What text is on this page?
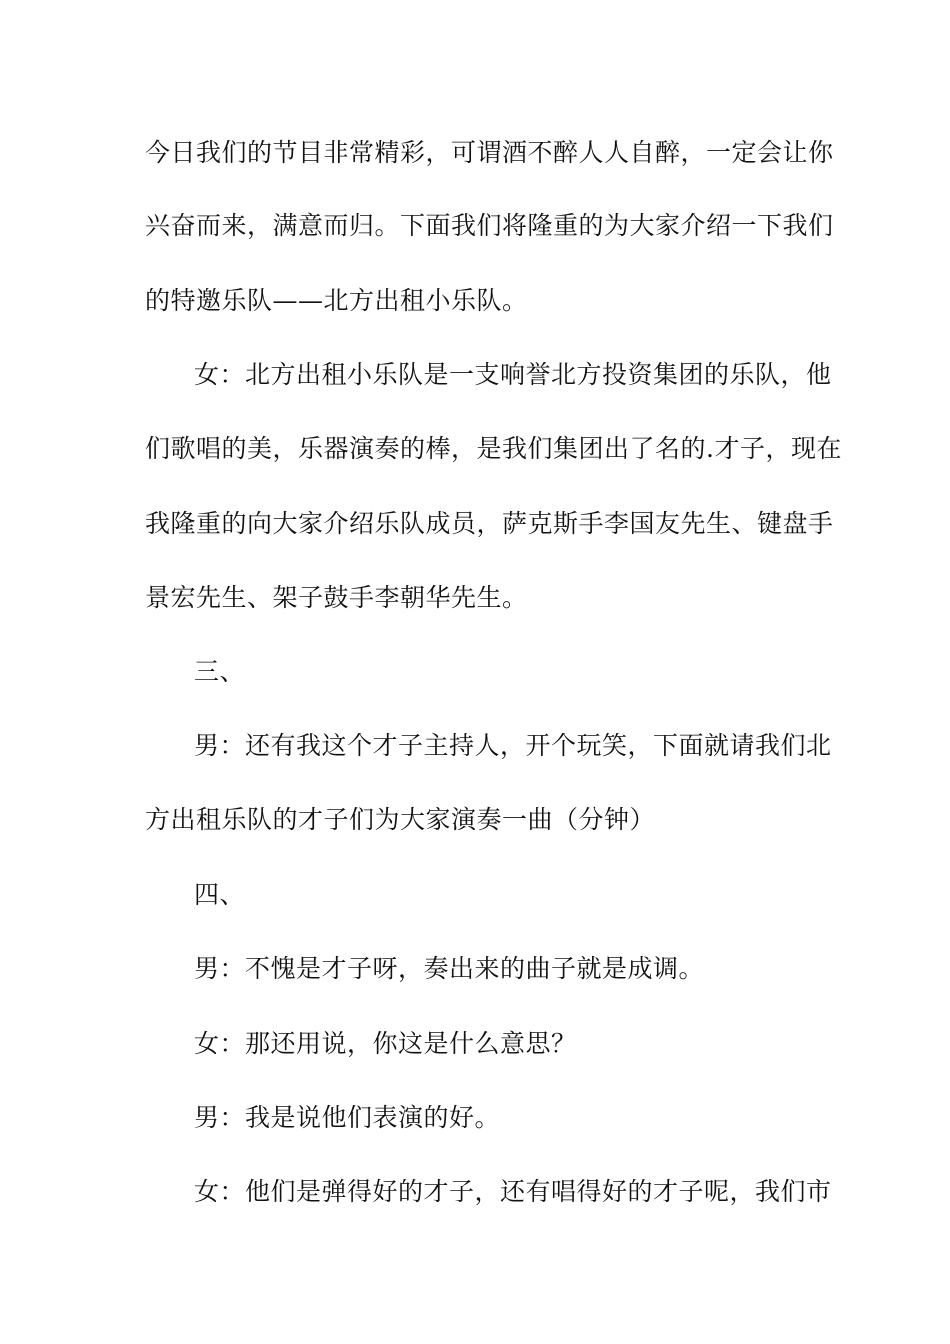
今日我们的节目非常精彩，可谓酒不醉人人自醉，一定会让你
兴奋而来，满意而归。下面我们将隆重的为大家介绍一下我们
的特邀乐队——北方出租小乐队。
女：北方出租小乐队是一支响誉北方投资集团的乐队，他
们歌唱的美，乐器演奏的棒，是我们集团出了名的.才子，现在
我隆重的向大家介绍乐队成员，萨克斯手李国友先生、键盘手
景宏先生、架子鼓手李朝华先生。
三、
男：还有我这个才子主持人，开个玩笑，下面就请我们北
方出租乐队的才子们为大家演奏一曲（分钟）
四、
男：不愧是才子呀，奏出来的曲子就是成调。
女：那还用说，你这是什么意思？
男：我是说他们表演的好。
女：他们是弹得好的才子，还有唱得好的才子呢，我们市
